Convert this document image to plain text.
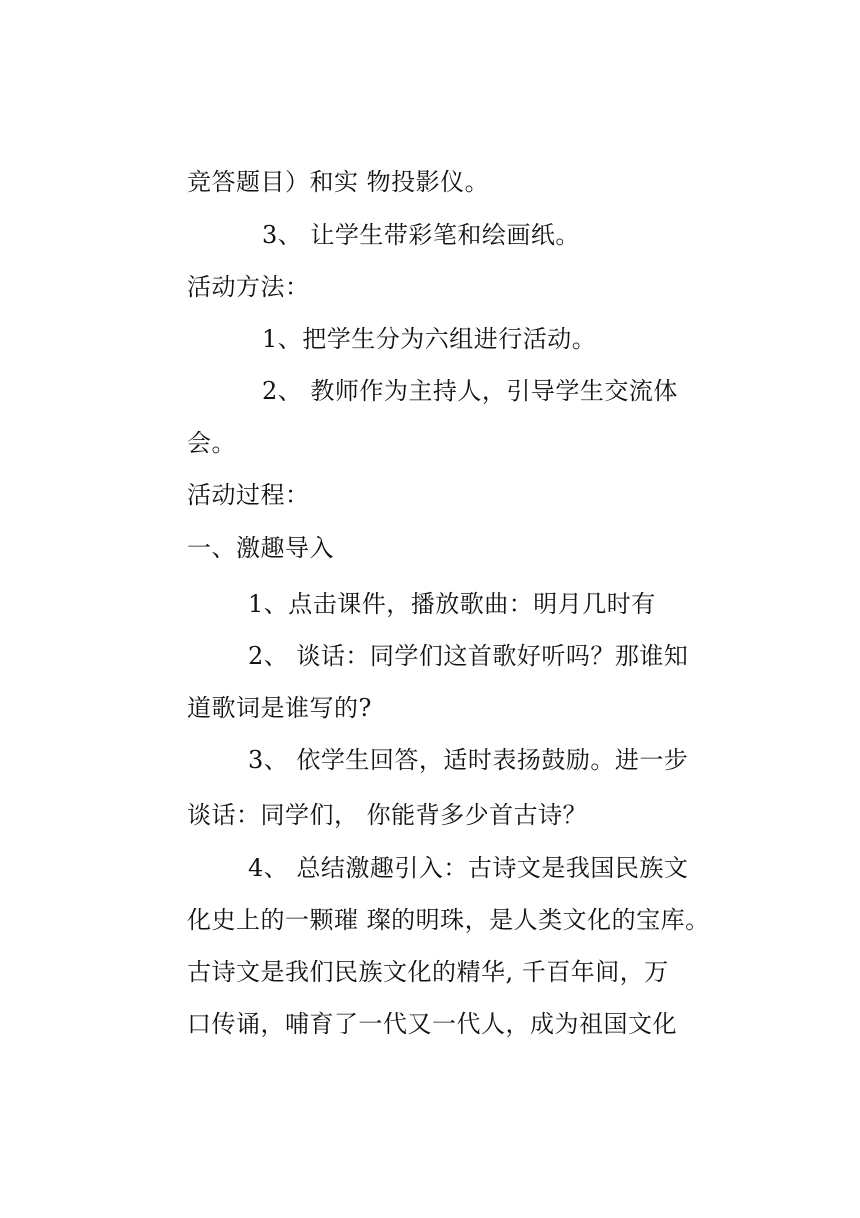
竞答题目）和实 物投影仪。
3、 让学生带彩笔和绘画纸。
活动方法：
1、把学生分为六组进行活动。
2、 教师作为主持人，引导学生交流体
会。
活动过程：
一、激趣导入
1、点击课件，播放歌曲：明月几时有
2、 谈话：同学们这首歌好听吗？那谁知
道歌词是谁写的?
3、 依学生回答，适时表扬鼓励。进一步
谈话：同学们， 你能背多少首古诗？
4、 总结激趣引入：古诗文是我国民族文
化史上的一颗璀 璨的明珠，是人类文化的宝库。
古诗文是我们民族文化的精华, 千百年间，万
口传诵，哺育了一代又一代人，成为祖国文化
